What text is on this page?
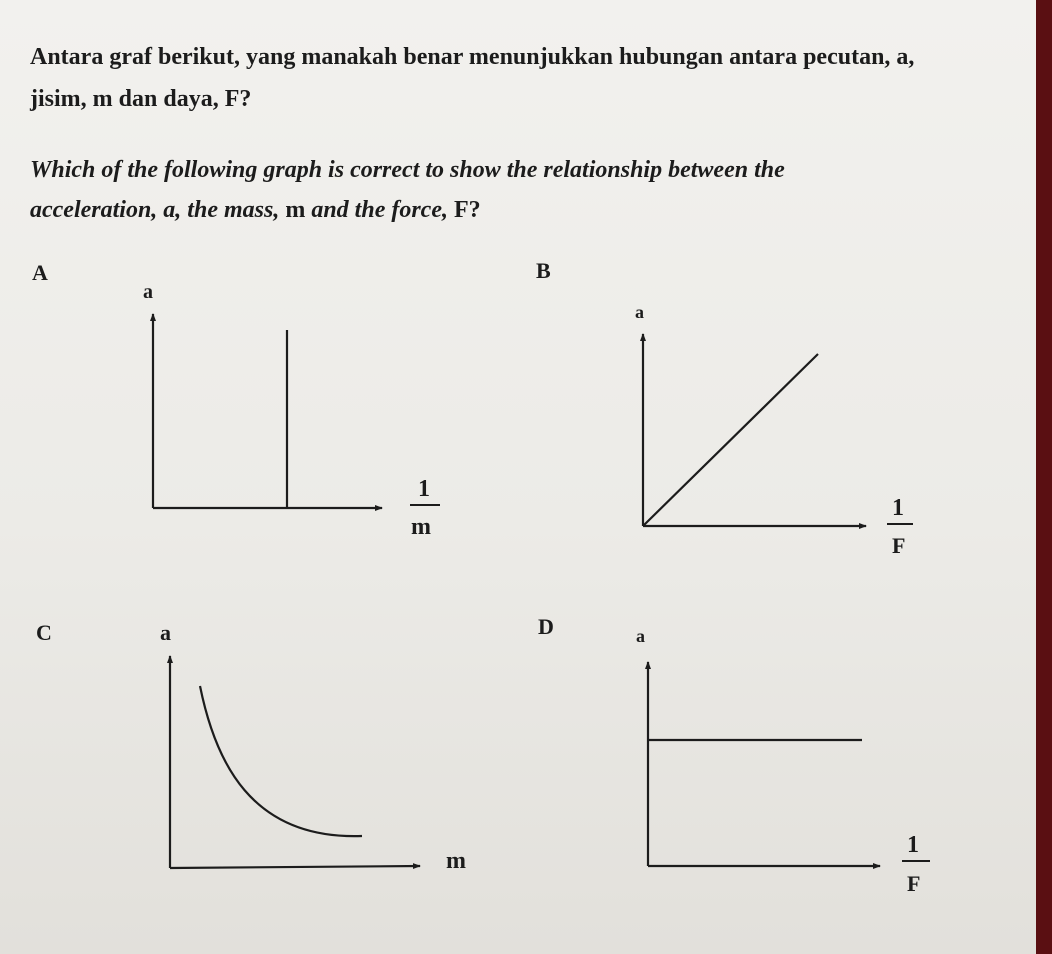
Antara graf berikut, yang manakah benar menunjukkan hubungan antara pecutan, a,
jisim, m dan daya, F?
Which of the following graph is correct to show the relationship between the
acceleration, a, the mass, m and the force, F?
A	B
C	D
a
1
m
a
1
F
a
m
a
1
F
